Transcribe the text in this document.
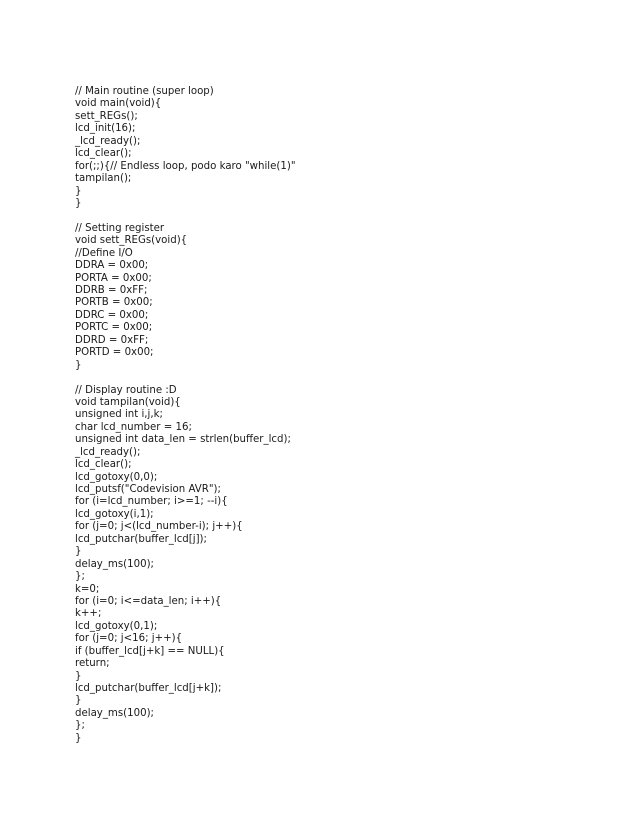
// Main routine (super loop)
void main(void){
sett_REGs();
lcd_init(16);
_lcd_ready();
lcd_clear();
for(;;){// Endless loop, podo karo "while(1)"
tampilan();
}
}
// Setting register
void sett_REGs(void){
//Define I/O
DDRA = 0x00;
PORTA = 0x00;
DDRB = 0xFF;
PORTB = 0x00;
DDRC = 0x00;
PORTC = 0x00;
DDRD = 0xFF;
PORTD = 0x00;
}
// Display routine :D
void tampilan(void){
unsigned int i,j,k;
char lcd_number = 16;
unsigned int data_len = strlen(buffer_lcd);
_lcd_ready();
lcd_clear();
lcd_gotoxy(0,0);
lcd_putsf("Codevision AVR");
for (i=lcd_number; i>=1; --i){
lcd_gotoxy(i,1);
for (j=0; j<(lcd_number-i); j++){
lcd_putchar(buffer_lcd[j]);
}
delay_ms(100);
};
k=0;
for (i=0; i<=data_len; i++){
k++;
lcd_gotoxy(0,1);
for (j=0; j<16; j++){
if (buffer_lcd[j+k] == NULL){
return;
}
lcd_putchar(buffer_lcd[j+k]);
}
delay_ms(100);
};
}
